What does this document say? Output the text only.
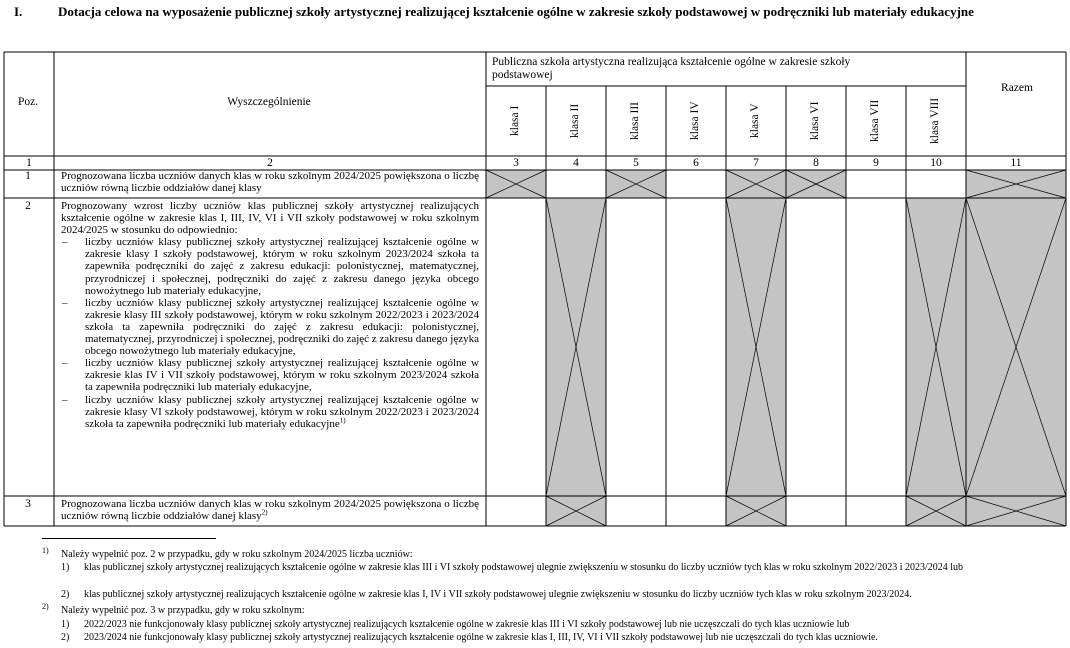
I.	Dotacja celowa na wyposażenie publicznej szkoły artystycznej realizującej kształcenie ogólne w zakresie szkoły podstawowej w podręczniki lub materiały edukacyjne
Poz.	Wyszczególnienie
Publiczna szkoła artystyczna realizująca kształcenie ogólne w zakresie szkoły podstawowej
Razem
klasa I	klasa II	klasa III	klasa IV	klasa V	klasa VI	klasa VII	klasa VIII
1	2	3	4	5	6	7	8	9	10	11
1	Prognozowana liczba uczniów danych klas w roku szkolnym 2024/2025 powiększona o liczbę uczniów równą liczbie oddziałów danej klasy
2	Prognozowany wzrost liczby uczniów klas publicznej szkoły artystycznej realizujących kształcenie ogólne w zakresie klas I, III, IV, VI i VII szkoły podstawowej w roku szkolnym 2024/2025 w stosunku do odpowiednio:
– liczby uczniów klasy publicznej szkoły artystycznej realizującej kształcenie ogólne w zakresie klasy I szkoły podstawowej, którym w roku szkolnym 2023/2024 szkoła ta zapewniła podręczniki do zajęć z zakresu edukacji: polonistycznej, matematycznej, przyrodniczej i społecznej, podręczniki do zajęć z zakresu danego języka obcego nowożytnego lub materiały edukacyjne,
– liczby uczniów klasy publicznej szkoły artystycznej realizującej kształcenie ogólne w zakresie klasy III szkoły podstawowej, którym w roku szkolnym 2022/2023 i 2023/2024 szkoła ta zapewniła podręczniki do zajęć z zakresu edukacji: polonistycznej, matematycznej, przyrodniczej i społecznej, podręczniki do zajęć z zakresu danego języka obcego nowożytnego lub materiały edukacyjne,
– liczby uczniów klasy publicznej szkoły artystycznej realizującej kształcenie ogólne w zakresie klas IV i VII szkoły podstawowej, którym w roku szkolnym 2023/2024 szkoła ta zapewniła podręczniki lub materiały edukacyjne,
– liczby uczniów klasy publicznej szkoły artystycznej realizującej kształcenie ogólne w zakresie klasy VI szkoły podstawowej, którym w roku szkolnym 2022/2023 i 2023/2024 szkoła ta zapewniła podręczniki lub materiały edukacyjne$^{1)}$
3	Prognozowana liczba uczniów danych klas w roku szkolnym 2024/2025 powiększona o liczbę uczniów równą liczbie oddziałów danej klasy$^{2)}$
1) Należy wypełnić poz. 2 w przypadku, gdy w roku szkolnym 2024/2025 liczba uczniów:
1) klas publicznej szkoły artystycznej realizujących kształcenie ogólne w zakresie klas III i VI szkoły podstawowej ulegnie zwiększeniu w stosunku do liczby uczniów tych klas w roku szkolnym 2022/2023 i 2023/2024 lub
2) klas publicznej szkoły artystycznej realizujących kształcenie ogólne w zakresie klas I, IV i VII szkoły podstawowej ulegnie zwiększeniu w stosunku do liczby uczniów tych klas w roku szkolnym 2023/2024.
2) Należy wypełnić poz. 3 w przypadku, gdy w roku szkolnym:
1) 2022/2023 nie funkcjonowały klasy publicznej szkoły artystycznej realizujących kształcenie ogólne w zakresie klas III i VI szkoły podstawowej lub nie uczęszczali do tych klas uczniowie lub
2) 2023/2024 nie funkcjonowały klasy publicznej szkoły artystycznej realizujących kształcenie ogólne w zakresie klas I, III, IV, VI i VII szkoły podstawowej lub nie uczęszczali do tych klas uczniowie.
